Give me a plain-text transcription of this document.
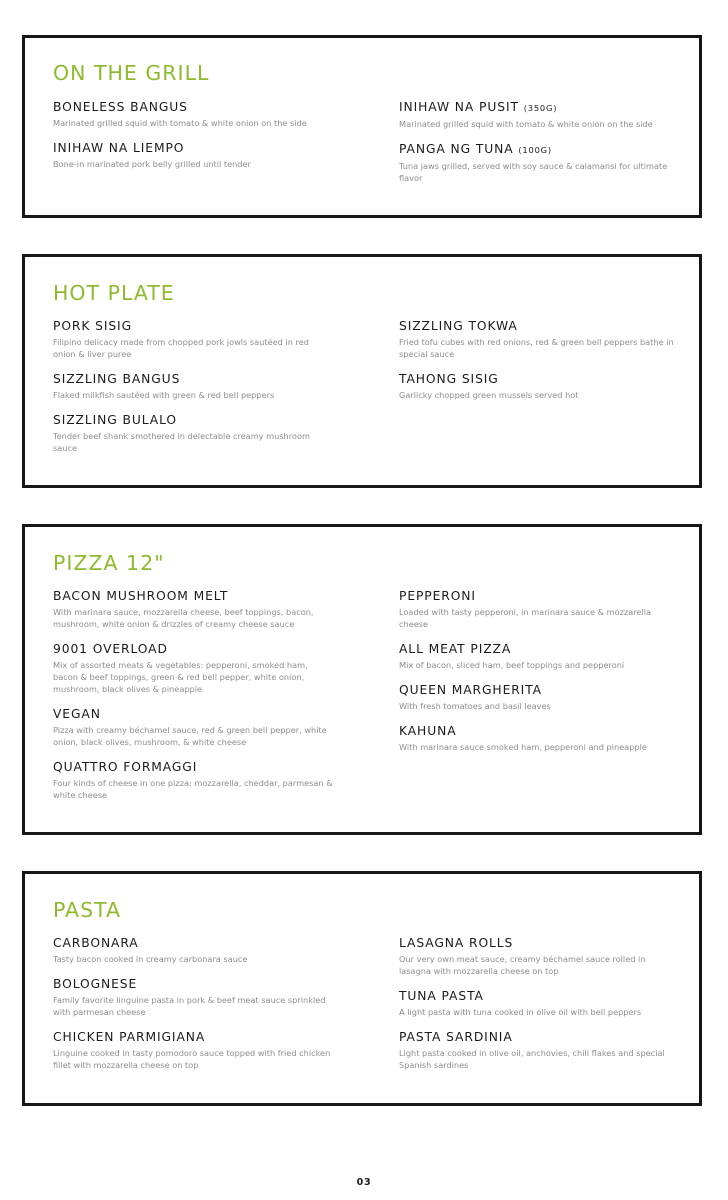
ON THE GRILL

BONELESS BANGUS

Marinated grilled squid with tomato & white onion on the side

INIHAW NA LIEMPO

Bone-in marinated pork belly grilled until tender

INIHAW NA PUSIT (350G)

Marinated grilled squid with tomato & white onion on the side

PANGA NG TUNA (100G)

Tuna jaws grilled, served with soy sauce & calamansi for ultimate
flavor

HOT PLATE

PORK SISIG

Filipino delicacy made from chopped pork jowls sautéed in red
onion & liver puree

SIZZLING BANGUS

Flaked milkfish sautéed with green & red bell peppers

SIZZLING BULALO

Tender beef shank smothered in delectable creamy mushroom
sauce

SIZZLING TOKWA

Fried tofu cubes with red onions, red & green bell peppers bathe in
special sauce

TAHONG SISIG

Garlicky chopped green mussels served hot

PIZZA 12"

BACON MUSHROOM MELT

With marinara sauce, mozzarella cheese, beef toppings, bacon,
mushroom, white onion & drizzles of creamy cheese sauce

9001 OVERLOAD

Mix of assorted meats & vegetables: pepperoni, smoked ham,
bacon & beef toppings, green & red bell pepper, white onion,
mushroom, black olives & pineapple

VEGAN

Pizza with creamy béchamel sauce, red & green bell pepper, white
onion, black olives, mushroom, & white cheese

QUATTRO FORMAGGI

Four kinds of cheese in one pizza: mozzarella, cheddar, parmesan &
white cheese

PEPPERONI

Loaded with tasty pepperoni, in marinara sauce & mozzarella
cheese

ALL MEAT PIZZA

Mix of bacon, sliced ham, beef toppings and pepperoni

QUEEN MARGHERITA

With fresh tomatoes and basil leaves

KAHUNA

With marinara sauce smoked ham, pepperoni and pineapple

PASTA

CARBONARA

Tasty bacon cooked in creamy carbonara sauce

BOLOGNESE

Family favorite linguine pasta in pork & beef meat sauce sprinkled
with parmesan cheese

CHICKEN PARMIGIANA

Linguine cooked in tasty pomodoro sauce topped with fried chicken
fillet with mozzarella cheese on top

LASAGNA ROLLS

Our very own meat sauce, creamy béchamel sauce rolled in
lasagna with mozzarella cheese on top

TUNA PASTA

A light pasta with tuna cooked in olive oil with bell peppers

PASTA SARDINIA

Light pasta cooked in olive oil, anchovies, chili flakes and special
Spanish sardines

03
